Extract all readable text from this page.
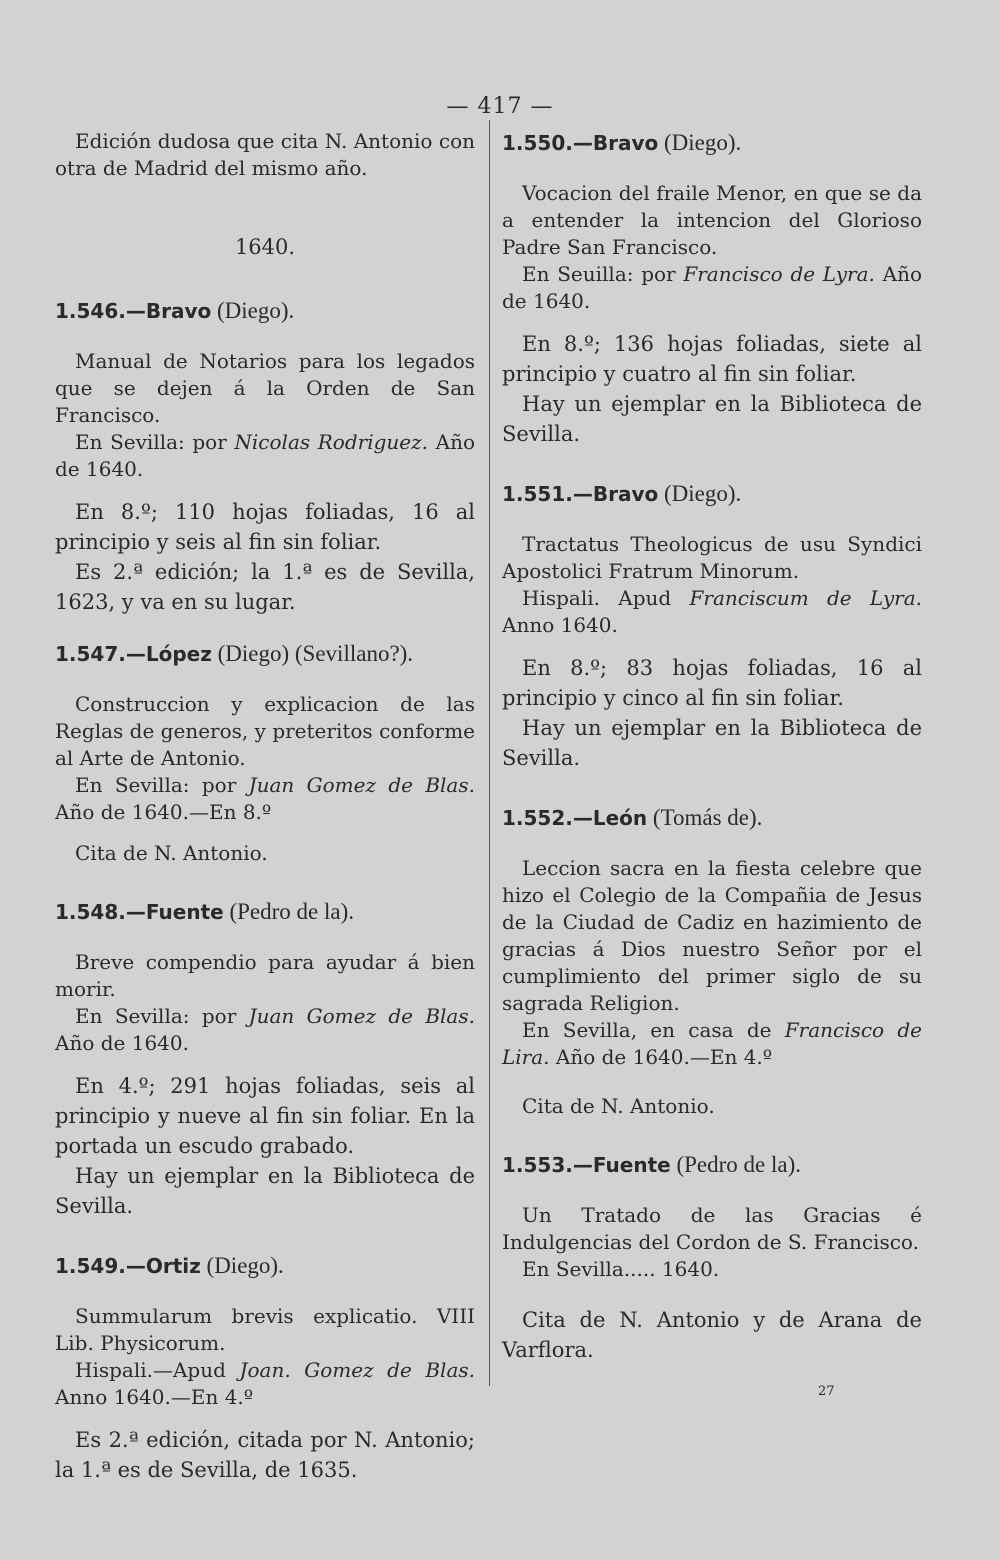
— 417 —

Edición dudosa que cita N. Antonio con otra de Madrid del mismo año.

1640.

1.546.—Bravo (Diego).

Manual de Notarios para los legados que se dejen á la Orden de San Francisco.

En Sevilla: por Nicolas Rodriguez. Año de 1640.

En 8.º; 110 hojas foliadas, 16 al principio y seis al fin sin foliar.

Es 2.ª edición; la 1.ª es de Sevilla, 1623, y va en su lugar.

1.547.—López (Diego) (Sevillano?).

Construccion y explicacion de las Reglas de generos, y preteritos conforme al Arte de Antonio.

En Sevilla: por Juan Gomez de Blas. Año de 1640.—En 8.º

Cita de N. Antonio.

1.548.—Fuente (Pedro de la).

Breve compendio para ayudar á bien morir.

En Sevilla: por Juan Gomez de Blas. Año de 1640.

En 4.º; 291 hojas foliadas, seis al principio y nueve al fin sin foliar. En la portada un escudo grabado.

Hay un ejemplar en la Biblioteca de Sevilla.

1.549.—Ortiz (Diego).

Summularum brevis explicatio. VIII Lib. Physicorum.

Hispali.—Apud Joan. Gomez de Blas. Anno 1640.—En 4.º

Es 2.ª edición, citada por N. Antonio; la 1.ª es de Sevilla, de 1635.

1.550.—Bravo (Diego).

Vocacion del fraile Menor, en que se da a entender la intencion del Glorioso Padre San Francisco.

En Seuilla: por Francisco de Lyra. Año de 1640.

En 8.º; 136 hojas foliadas, siete al principio y cuatro al fin sin foliar.

Hay un ejemplar en la Biblioteca de Sevilla.

1.551.—Bravo (Diego).

Tractatus Theologicus de usu Syndici Apostolici Fratrum Minorum.

Hispali. Apud Franciscum de Lyra. Anno 1640.

En 8.º; 83 hojas foliadas, 16 al principio y cinco al fin sin foliar.

Hay un ejemplar en la Biblioteca de Sevilla.

1.552.—León (Tomás de).

Leccion sacra en la fiesta celebre que hizo el Colegio de la Compañia de Jesus de la Ciudad de Cadiz en hazimiento de gracias á Dios nuestro Señor por el cumplimiento del primer siglo de su sagrada Religion.

En Sevilla, en casa de Francisco de Lira. Año de 1640.—En 4.º

Cita de N. Antonio.

1.553.—Fuente (Pedro de la).

Un Tratado de las Gracias é Indulgencias del Cordon de S. Francisco.

En Sevilla..... 1640.

Cita de N. Antonio y de Arana de Varflora.

27
